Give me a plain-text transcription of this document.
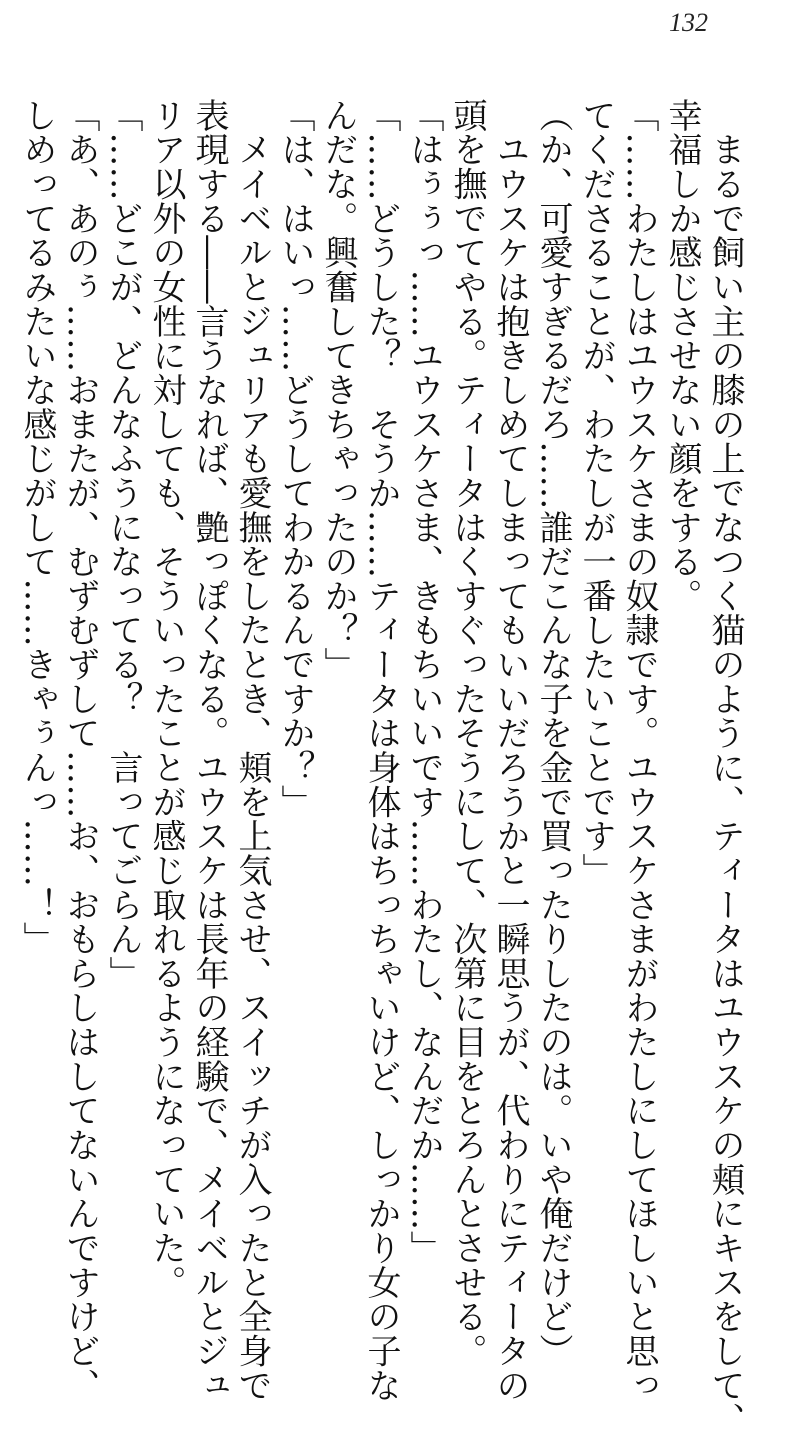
132
　まるで飼い主の膝の上でなつく猫のように、ティータはユウスケの頬にキスをして、
幸福しか感じさせない顔をする。
「……わたしはユウスケさまの奴隷です。ユウスケさまがわたしにしてほしいと思っ
てくださることが、わたしが一番したいことです」
（か、可愛すぎるだろ……誰だこんな子を金で買ったりしたのは。いや俺だけど）
　ユウスケは抱きしめてしまってもいいだろうかと一瞬思うが、代わりにティータの
頭を撫でてやる。ティータはくすぐったそうにして、次第に目をとろんとさせる。
「はぅぅっ……ユウスケさま、きもちいいです……わたし、なんだか……」
「……どうした？　そうか……ティータは身体はちっちゃいけど、しっかり女の子な
んだな。興奮してきちゃったのか？」
「は、はいっ……どうしてわかるんですか？」
　メイベルとジュリアも愛撫をしたとき、頬を上気させ、スイッチが入ったと全身で
表現する――言うなれば、艶っぽくなる。ユウスケは長年の経験で、メイベルとジュ
リア以外の女性に対しても、そういったことが感じ取れるようになっていた。
「……どこが、どんなふうになってる？　言ってごらん」
「あ、あのぅ……おまたが、むずむずして……お、おもらしはしてないんですけど、
しめってるみたいな感じがして……きゃぅんっ……！」
